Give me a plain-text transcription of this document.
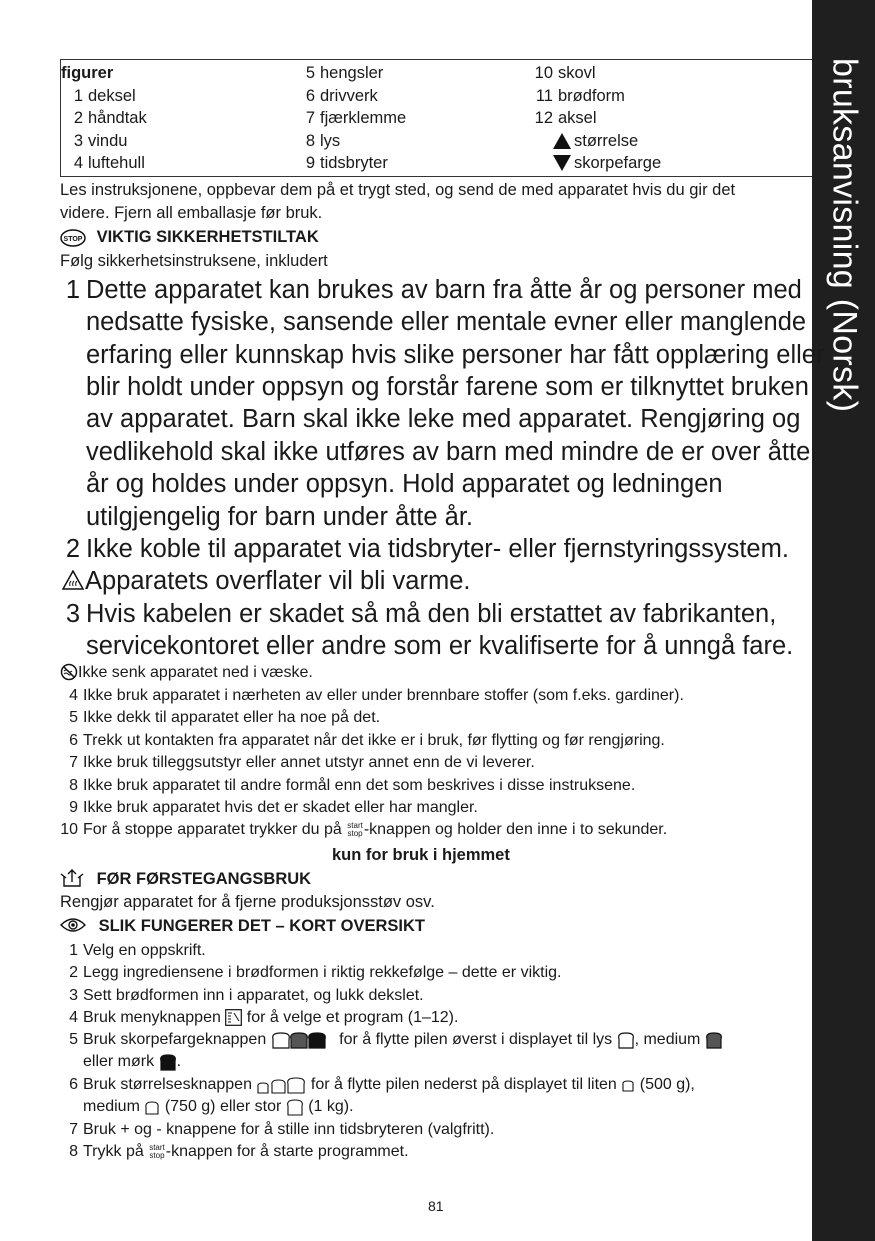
bruksanvisning (Norsk)
figurer
1 deksel
2 håndtak
3 vindu
4 luftehull
5 hengsler
6 drivverk
7 fjærklemme
8 lys
9 tidsbryter
10 skovl
11 brødform
12 aksel
størrelse
skorpefarge
Les instruksjonene, oppbevar dem på et trygt sted, og send de med apparatet hvis du gir det
videre. Fjern all emballasje før bruk.
STOP VIKTIG SIKKERHETSTILTAK
Følg sikkerhetsinstruksene, inkludert
1 Dette apparatet kan brukes av barn fra åtte år og personer med
nedsatte fysiske, sansende eller mentale evner eller manglende
erfaring eller kunnskap hvis slike personer har fått opplæring eller
blir holdt under oppsyn og forstår farene som er tilknyttet bruken
av apparatet. Barn skal ikke leke med apparatet. Rengjøring og
vedlikehold skal ikke utføres av barn med mindre de er over åtte
år og holdes under oppsyn. Hold apparatet og ledningen
utilgjengelig for barn under åtte år.
2 Ikke koble til apparatet via tidsbryter- eller fjernstyringssystem.
Apparatets overflater vil bli varme.
3 Hvis kabelen er skadet så må den bli erstattet av fabrikanten,
servicekontoret eller andre som er kvalifiserte for å unngå fare.
Ikke senk apparatet ned i væske.
4 Ikke bruk apparatet i nærheten av eller under brennbare stoffer (som f.eks. gardiner).
5 Ikke dekk til apparatet eller ha noe på det.
6 Trekk ut kontakten fra apparatet når det ikke er i bruk, før flytting og før rengjøring.
7 Ikke bruk tilleggsutstyr eller annet utstyr annet enn de vi leverer.
8 Ikke bruk apparatet til andre formål enn det som beskrives i disse instruksene.
9 Ikke bruk apparatet hvis det er skadet eller har mangler.
10 For å stoppe apparatet trykker du på start
stop-knappen og holder den inne i to sekunder.
kun for bruk i hjemmet
FØR FØRSTEGANGSBRUK
Rengjør apparatet for å fjerne produksjonsstøv osv.
SLIK FUNGERER DET – KORT OVERSIKT
1 Velg en oppskrift.
2 Legg ingrediensene i brødformen i riktig rekkefølge – dette er viktig.
3 Sett brødformen inn i apparatet, og lukk dekslet.
4 Bruk menyknappen for å velge et program (1–12).
5 Bruk skorpefargeknappen	for å flytte pilen øverst i displayet til lys , medium
eller mørk .
6 Bruk størrelsesknappen	for å flytte pilen nederst på displayet til liten (500 g),
medium (750 g) eller stor (1 kg).
7 Bruk + og - knappene for å stille inn tidsbryteren (valgfritt).
8 Trykk på start
stop-knappen for å starte programmet.
81
